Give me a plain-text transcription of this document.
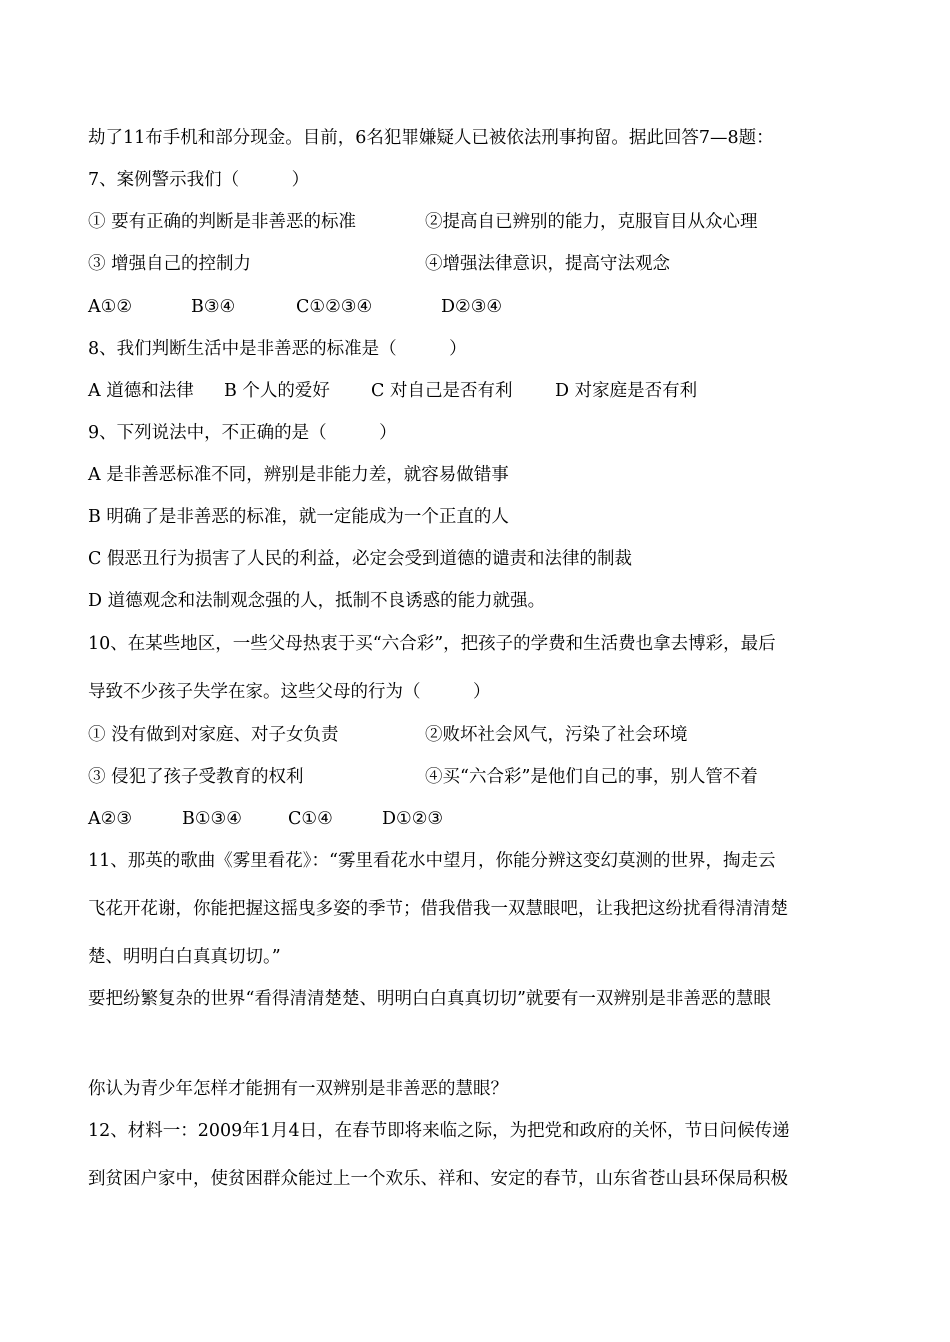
劫了11布手机和部分现金。目前，6名犯罪嫌疑人已被依法刑事拘留。据此回答7—8题：
7、案例警示我们（　　　）
① 要有正确的判断是非善恶的标准	②提高自已辨别的能力，克服盲目从众心理
③ 增强自己的控制力	④增强法律意识，提高守法观念
A①②	B③④	C①②③④	D②③④
8、我们判断生活中是非善恶的标准是（　　　）
A 道德和法律 B 个人的爱好 C 对自己是否有利 D 对家庭是否有利
9、下列说法中，不正确的是（　　　）
A 是非善恶标准不同，辨别是非能力差，就容易做错事
B 明确了是非善恶的标准，就一定能成为一个正直的人
C 假恶丑行为损害了人民的利益，必定会受到道德的谴责和法律的制裁
D 道德观念和法制观念强的人，抵制不良诱惑的能力就强。
10、在某些地区，一些父母热衷于买“六合彩”，把孩子的学费和生活费也拿去博彩，最后
导致不少孩子失学在家。这些父母的行为（　　　）
① 没有做到对家庭、对子女负责	②败坏社会风气，污染了社会环境
③ 侵犯了孩子受教育的权利	④买“六合彩”是他们自己的事，别人管不着
A②③	B①③④	C①④	D①②③
11、那英的歌曲《雾里看花》：“雾里看花水中望月，你能分辨这变幻莫测的世界，掏走云
飞花开花谢，你能把握这摇曳多姿的季节；借我借我一双慧眼吧，让我把这纷扰看得清清楚
楚、明明白白真真切切。”
要把纷繁复杂的世界“看得清清楚楚、明明白白真真切切”就要有一双辨别是非善恶的慧眼
你认为青少年怎样才能拥有一双辨别是非善恶的慧眼？
12、材料一：2009年1月4日，在春节即将来临之际，为把党和政府的关怀，节日问候传递
到贫困户家中，使贫困群众能过上一个欢乐、祥和、安定的春节，山东省苍山县环保局积极
